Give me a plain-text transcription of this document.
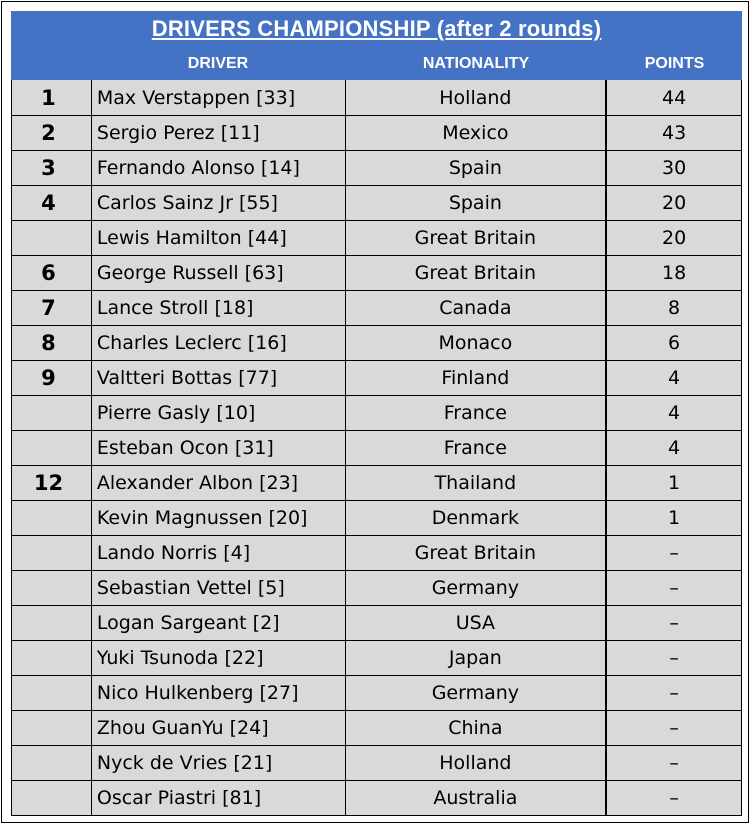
DRIVERS CHAMPIONSHIP (after 2 rounds)
DRIVER	NATIONALITY	POINTS
1 Max Verstappen [33]	Holland	44
2 Sergio Perez [11]	Mexico	43
3 Fernando Alonso [14]	Spain	30
4 Carlos Sainz Jr [55]	Spain	20
Lewis Hamilton [44]	Great Britain	20
6 George Russell [63]	Great Britain	18
7 Lance Stroll [18]	Canada	8
8 Charles Leclerc [16]	Monaco	6
9 Valtteri Bottas [77]	Finland	4
Pierre Gasly [10]	France	4
Esteban Ocon [31]	France	4
12 Alexander Albon [23]	Thailand	1
Kevin Magnussen [20]	Denmark	1
Lando Norris [4]	Great Britain	–
Sebastian Vettel [5]	Germany	–
Logan Sargeant [2]	USA	–
Yuki Tsunoda [22]	Japan	–
Nico Hulkenberg [27]	Germany	–
Zhou GuanYu [24]	China	–
Nyck de Vries [21]	Holland	–
Oscar Piastri [81]	Australia	–
